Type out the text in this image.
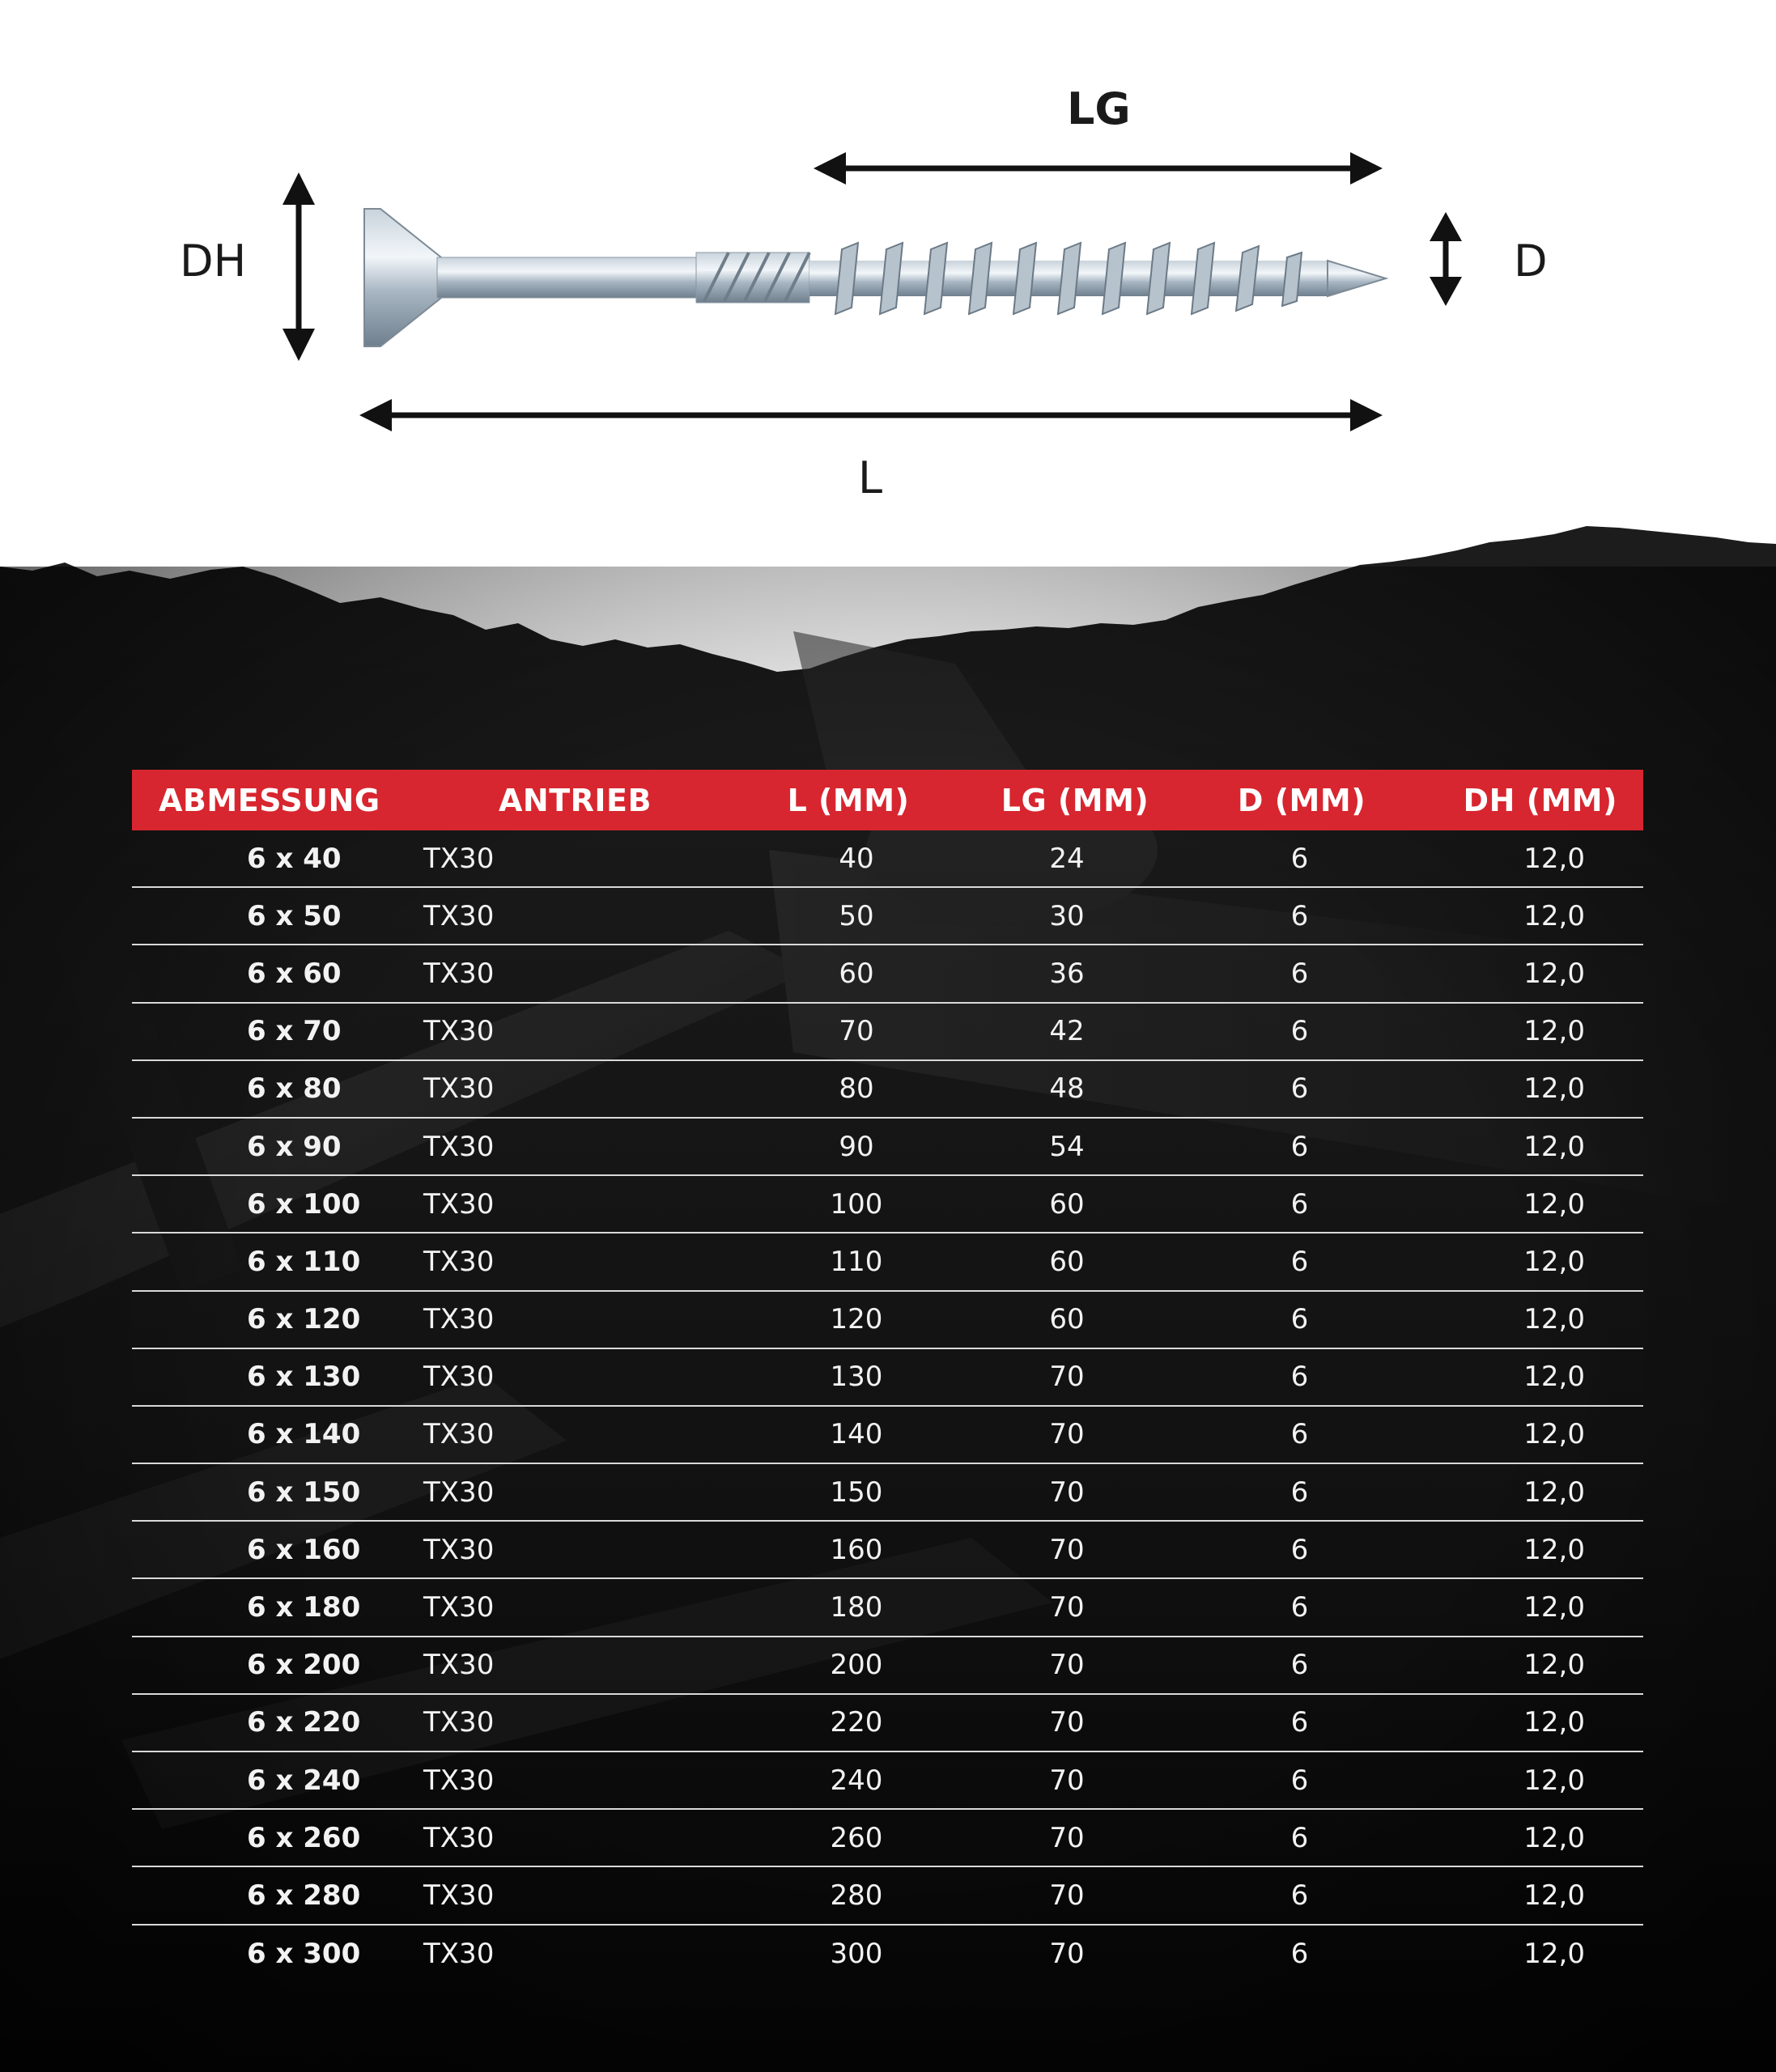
LG
DH	D
L
ABMESSUNG	ANTRIEB	L (MM)	LG (MM)	D (MM)	DH (MM)
6 x 40	TX30	40	24	6	12,0
6 x 50	TX30	50	30	6	12,0
6 x 60	TX30	60	36	6	12,0
6 x 70	TX30	70	42	6	12,0
6 x 80	TX30	80	48	6	12,0
6 x 90	TX30	90	54	6	12,0
6 x 100	TX30	100	60	6	12,0
6 x 110	TX30	110	60	6	12,0
6 x 120	TX30	120	60	6	12,0
6 x 130	TX30	130	70	6	12,0
6 x 140	TX30	140	70	6	12,0
6 x 150	TX30	150	70	6	12,0
6 x 160	TX30	160	70	6	12,0
6 x 180	TX30	180	70	6	12,0
6 x 200	TX30	200	70	6	12,0
6 x 220	TX30	220	70	6	12,0
6 x 240	TX30	240	70	6	12,0
6 x 260	TX30	260	70	6	12,0
6 x 280	TX30	280	70	6	12,0
6 x 300	TX30	300	70	6	12,0
